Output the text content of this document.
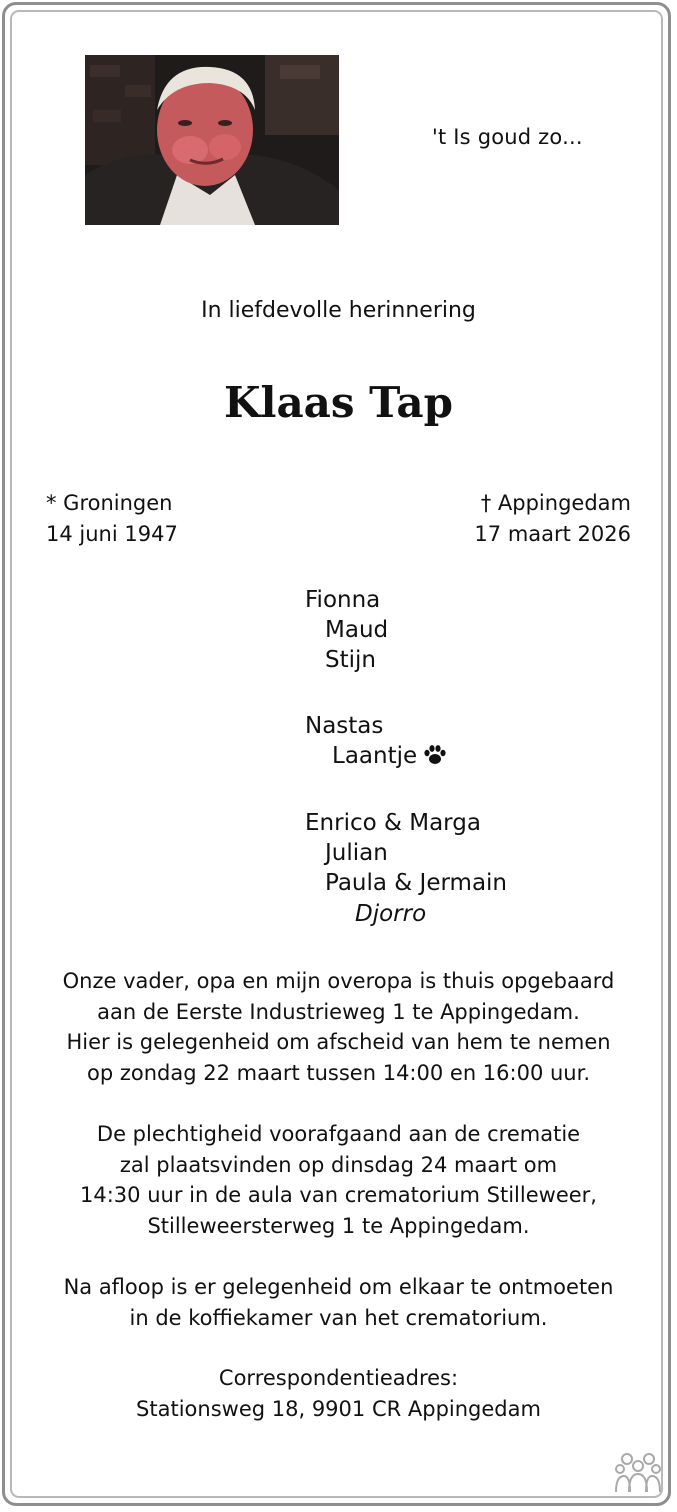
't Is goud zo...
In liefdevolle herinnering
Klaas Tap
* Groningen
14 juni 1947
† Appingedam
17 maart 2026
Fionna
Maud
Stijn
Nastas
Laantje
Enrico & Marga
Julian
Paula & Jermain
Djorro
Onze vader, opa en mijn overopa is thuis opgebaard
aan de Eerste Industrieweg 1 te Appingedam.
Hier is gelegenheid om afscheid van hem te nemen
op zondag 22 maart tussen 14:00 en 16:00 uur.
De plechtigheid voorafgaand aan de crematie
zal plaatsvinden op dinsdag 24 maart om
14:30 uur in de aula van crematorium Stilleweer,
Stilleweersterweg 1 te Appingedam.
Na afloop is er gelegenheid om elkaar te ontmoeten
in de koffiekamer van het crematorium.
Correspondentieadres:
Stationsweg 18, 9901 CR Appingedam
